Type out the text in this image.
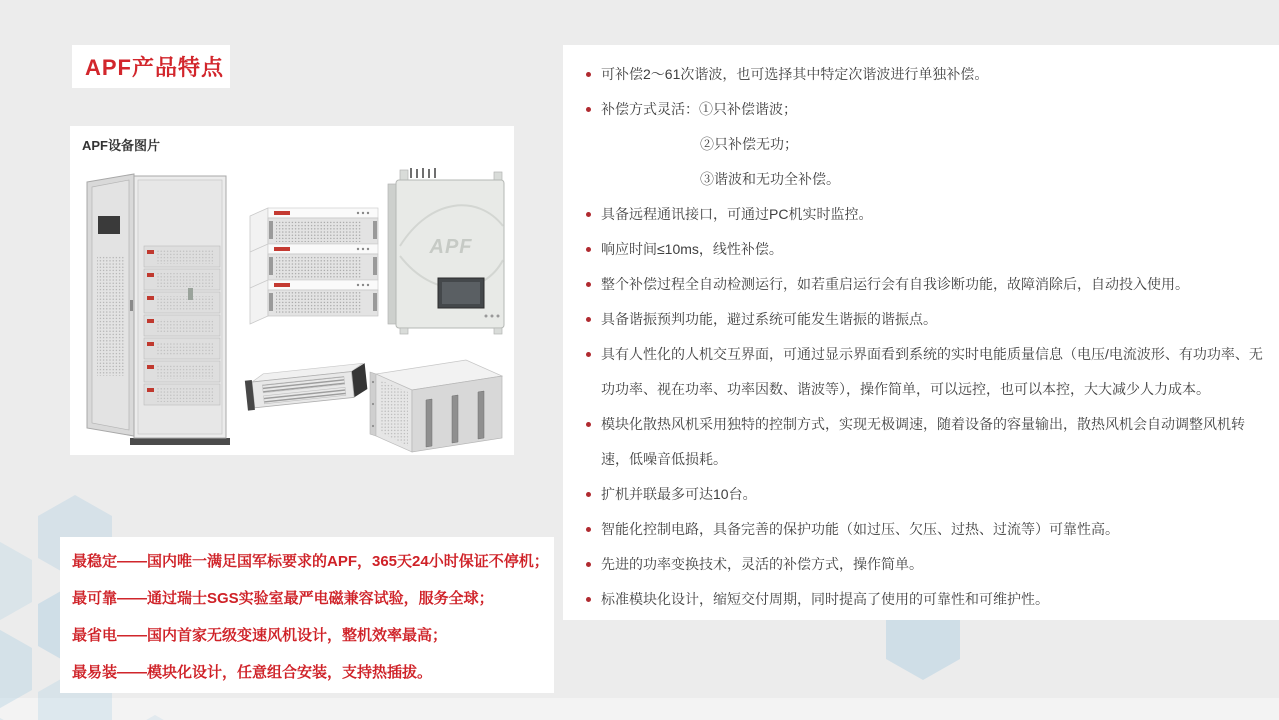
APF产品特点
APF设备图片
APF
可补偿2～61次谐波，也可选择其中特定次谐波进行单独补偿。
补偿方式灵活：①只补偿谐波；
②只补偿无功；
③谐波和无功全补偿。
具备远程通讯接口，可通过PC机实时监控。
响应时间≤10ms，线性补偿。
整个补偿过程全自动检测运行，如若重启运行会有自我诊断功能，故障消除后，自动投入使用。
具备谐振预判功能，避过系统可能发生谐振的谐振点。
具有人性化的人机交互界面，可通过显示界面看到系统的实时电能质量信息（电压/电流波形、有功功率、无功功率、视在功率、功率因数、谐波等），操作简单，可以远控，也可以本控，大大减少人力成本。
模块化散热风机采用独特的控制方式，实现无极调速，随着设备的容量输出，散热风机会自动调整风机转速，低噪音低损耗。
扩机并联最多可达10台。
智能化控制电路，具备完善的保护功能（如过压、欠压、过热、过流等）可靠性高。
先进的功率变换技术，灵活的补偿方式，操作简单。
标准模块化设计，缩短交付周期，同时提高了使用的可靠性和可维护性。
最稳定——国内唯一满足国军标要求的APF，365天24小时保证不停机；
最可靠——通过瑞士SGS实验室最严电磁兼容试验，服务全球；
最省电——国内首家无级变速风机设计，整机效率最高；
最易装——模块化设计，任意组合安装，支持热插拔。
